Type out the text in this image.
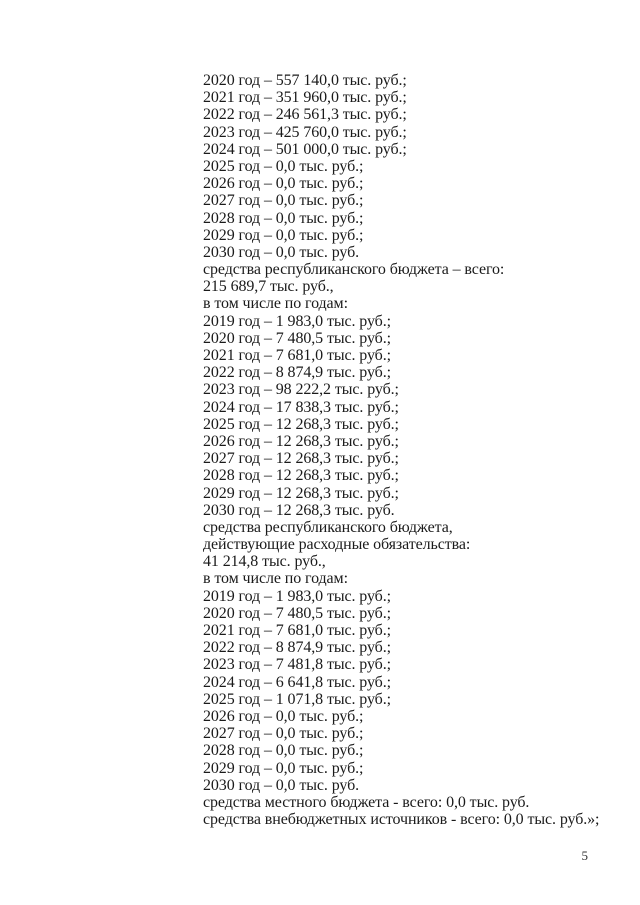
2020 год – 557 140,0 тыс. руб.;
2021 год – 351 960,0 тыс. руб.;
2022 год – 246 561,3 тыс. руб.;
2023 год – 425 760,0 тыс. руб.;
2024 год – 501 000,0 тыс. руб.;
2025 год – 0,0 тыс. руб.;
2026 год – 0,0 тыс. руб.;
2027 год – 0,0 тыс. руб.;
2028 год – 0,0 тыс. руб.;
2029 год – 0,0 тыс. руб.;
2030 год – 0,0 тыс. руб.
средства республиканского бюджета – всего:
215 689,7 тыс. руб.,
в том числе по годам:
2019 год – 1 983,0 тыс. руб.;
2020 год – 7 480,5 тыс. руб.;
2021 год – 7 681,0 тыс. руб.;
2022 год – 8 874,9 тыс. руб.;
2023 год – 98 222,2 тыс. руб.;
2024 год – 17 838,3 тыс. руб.;
2025 год – 12 268,3 тыс. руб.;
2026 год – 12 268,3 тыс. руб.;
2027 год – 12 268,3 тыс. руб.;
2028 год – 12 268,3 тыс. руб.;
2029 год – 12 268,3 тыс. руб.;
2030 год – 12 268,3 тыс. руб.
средства республиканского бюджета,
действующие расходные обязательства:
41 214,8 тыс. руб.,
в том числе по годам:
2019 год – 1 983,0 тыс. руб.;
2020 год – 7 480,5 тыс. руб.;
2021 год – 7 681,0 тыс. руб.;
2022 год – 8 874,9 тыс. руб.;
2023 год – 7 481,8 тыс. руб.;
2024 год – 6 641,8 тыс. руб.;
2025 год – 1 071,8 тыс. руб.;
2026 год – 0,0 тыс. руб.;
2027 год – 0,0 тыс. руб.;
2028 год – 0,0 тыс. руб.;
2029 год – 0,0 тыс. руб.;
2030 год – 0,0 тыс. руб.
средства местного бюджета - всего: 0,0 тыс. руб.
средства внебюджетных источников - всего: 0,0 тыс. руб.»;
5
